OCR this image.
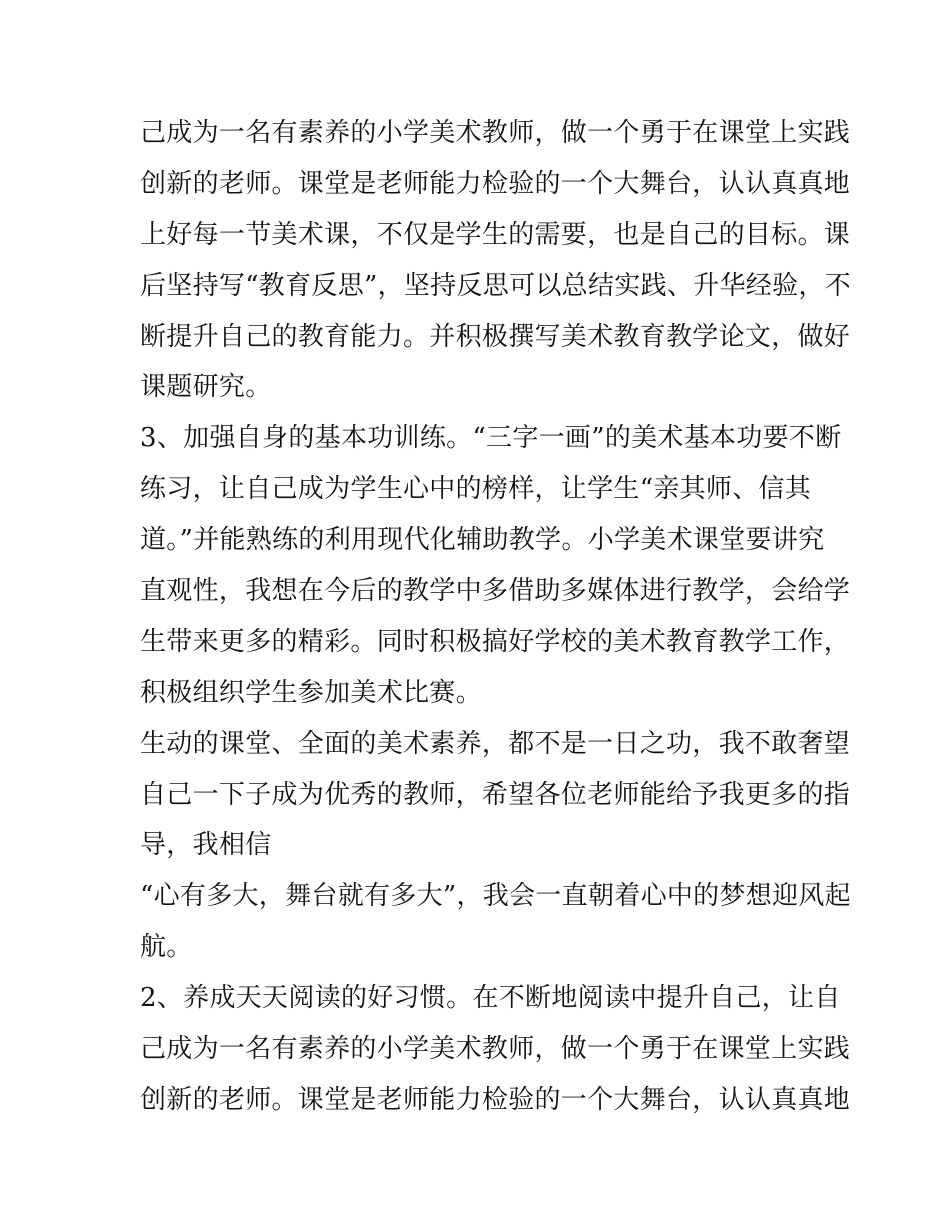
己成为一名有素养的小学美术教师，做一个勇于在课堂上实践
创新的老师。课堂是老师能力检验的一个大舞台，认认真真地
上好每一节美术课，不仅是学生的需要，也是自己的目标。课
后坚持写“教育反思”，坚持反思可以总结实践、升华经验，不
断提升自己的教育能力。并积极撰写美术教育教学论文，做好
课题研究。
3、加强自身的基本功训练。“三字一画”的美术基本功要不断
练习，让自己成为学生心中的榜样，让学生“亲其师、信其
道。”并能熟练的利用现代化辅助教学。小学美术课堂要讲究
直观性，我想在今后的教学中多借助多媒体进行教学，会给学
生带来更多的精彩。同时积极搞好学校的美术教育教学工作，
积极组织学生参加美术比赛。
生动的课堂、全面的美术素养，都不是一日之功，我不敢奢望
自己一下子成为优秀的教师，希望各位老师能给予我更多的指
导，我相信
“心有多大，舞台就有多大”，我会一直朝着心中的梦想迎风起
航。
2、养成天天阅读的好习惯。在不断地阅读中提升自己，让自
己成为一名有素养的小学美术教师，做一个勇于在课堂上实践
创新的老师。课堂是老师能力检验的一个大舞台，认认真真地
